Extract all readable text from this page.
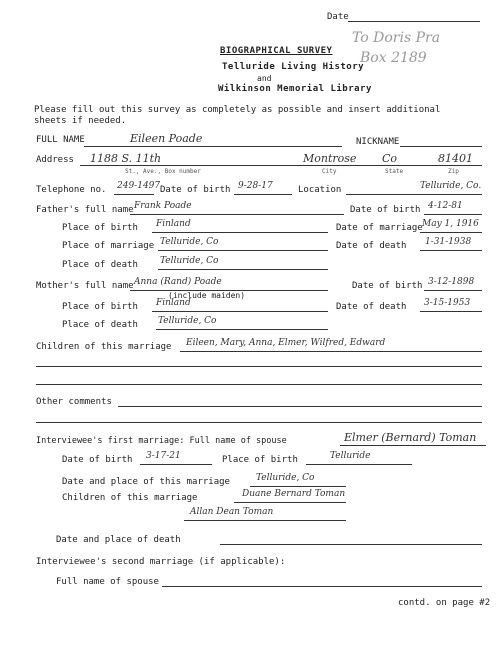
Date
To Doris Pra
Box 2189
BIOGRAPHICAL SURVEY
Telluride Living History
and
Wilkinson Memorial Library
Please fill out this survey as completely as possible and insert additional
sheets if needed.
FULL NAME	Eileen Poade	NICKNAME
Address 1188 S. 11th	Montrose Co	81401
St., Ave., Box number	City	State	Zip
Telephone no. 249-1497 Date of birth 9-28-17	Location	Telluride, Co.
Father's full name Frank Poade	Date of birth 4-12-81
Place of birth Finland	Date of marriage May 1, 1916
Place of marriage Telluride, Co	Date of death 1-31-1938
Place of death Telluride, Co
Mother's full name Anna (Rand) Poade	Date of birth 3-12-1898
(include maiden)
Place of birth Finland	Date of death 3-15-1953
Place of death Telluride, Co
Children of this marriage Eileen, Mary, Anna, Elmer, Wilfred, Edward
Other comments
Interviewee's first marriage: Full name of spouse	Elmer (Bernard) Toman
Date of birth 3-17-21	Place of birth	Telluride
Date and place of this marriage	Telluride, Co
Children of this marriage	Duane Bernard Toman
Allan Dean Toman
Date and place of death
Interviewee's second marriage (if applicable):
Full name of spouse
contd. on page #2
